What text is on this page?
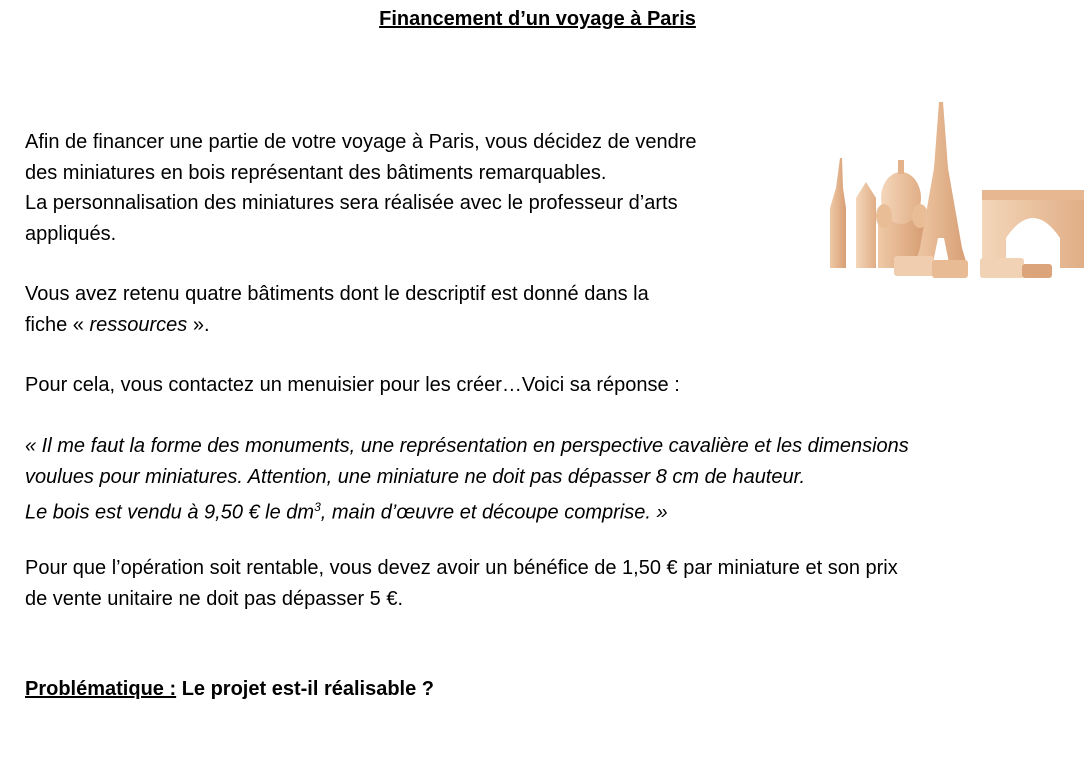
Financement d’un voyage à Paris
Afin de financer une partie de votre voyage à Paris, vous décidez de vendre
des miniatures en bois représentant des bâtiments remarquables.
La personnalisation des miniatures sera réalisée avec le professeur d’arts
appliqués.
Vous avez retenu quatre bâtiments dont le descriptif est donné dans la
fiche « ressources ».
Pour cela, vous contactez un menuisier pour les créer…Voici sa réponse :
« Il me faut la forme des monuments, une représentation en perspective cavalière et les dimensions
voulues pour miniatures. Attention, une miniature ne doit pas dépasser 8 cm de hauteur.
Le bois est vendu à 9,50 € le $dm^3$, main d’œuvre et découpe comprise. »
Pour que l’opération soit rentable, vous devez avoir un bénéfice de 1,50 € par miniature et son prix
de vente unitaire ne doit pas dépasser 5 €.
Problématique : Le projet est-il réalisable ?
